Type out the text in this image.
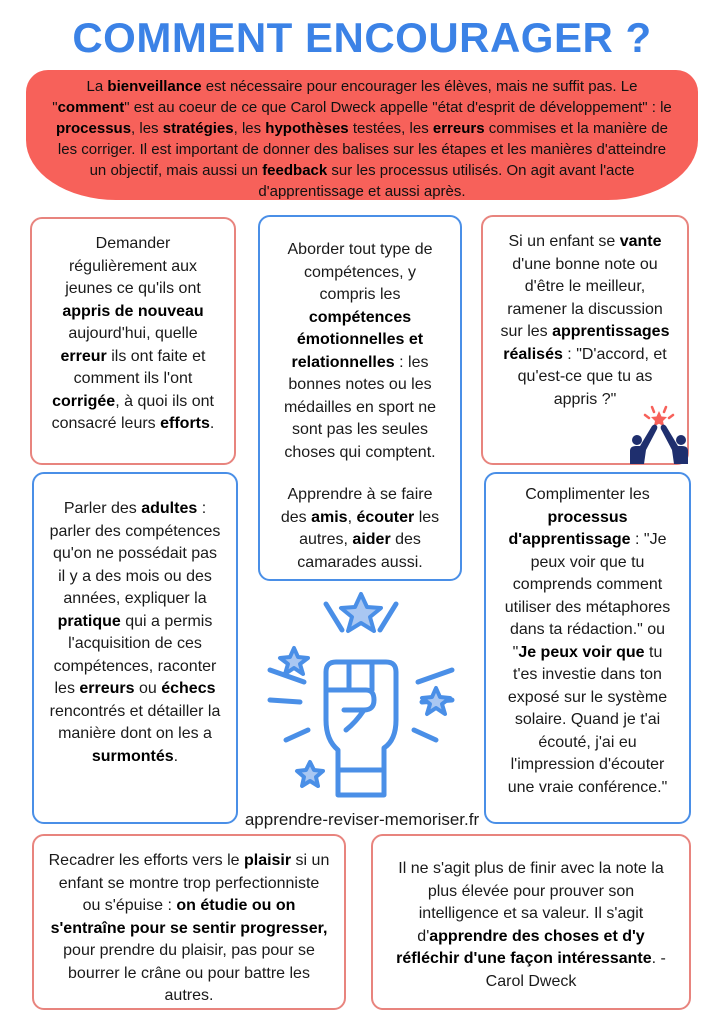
COMMENT ENCOURAGER ?
La bienveillance est nécessaire pour encourager les élèves, mais ne suffit pas. Le "comment" est au coeur de ce que Carol Dweck appelle "état d'esprit de développement" : le processus, les stratégies, les hypothèses testées, les erreurs commises et la manière de les corriger. Il est important de donner des balises sur les étapes et les manières d'atteindre un objectif, mais aussi un feedback sur les processus utilisés. On agit avant l'acte d'apprentissage et aussi après.
Demander régulièrement aux jeunes ce qu'ils ont appris de nouveau aujourd'hui, quelle erreur ils ont faite et comment ils l'ont corrigée, à quoi ils ont consacré leurs efforts.

Aborder tout type de compétences, y compris les compétences émotionnelles et relationnelles : les bonnes notes ou les médailles en sport ne sont pas les seules choses qui comptent.

Apprendre à se faire des amis, écouter les autres, aider des camarades aussi.

Si un enfant se vante d'une bonne note ou d'être le meilleur, ramener la discussion sur les apprentissages réalisés : "D'accord, et qu'est-ce que tu as appris ?"
Parler des adultes : parler des compétences qu'on ne possédait pas il y a des mois ou des années, expliquer la pratique qui a permis l'acquisition de ces compétences, raconter les erreurs ou échecs rencontrés et détailler la manière dont on les a surmontés.
Complimenter les processus d'apprentissage : "Je peux voir que tu comprends comment utiliser des métaphores dans ta rédaction." ou "Je peux voir que tu t'es investie dans ton exposé sur le système solaire. Quand je t'ai écouté, j'ai eu l'impression d'écouter une vraie conférence."
apprendre-reviser-memoriser.fr
Recadrer les efforts vers le plaisir si un enfant se montre trop perfectionniste ou s'épuise : on étudie ou on s'entraîne pour se sentir progresser, pour prendre du plaisir, pas pour se bourrer le crâne ou pour battre les autres.
Il ne s'agit plus de finir avec la note la plus élevée pour prouver son intelligence et sa valeur. Il s'agit d'apprendre des choses et d'y réfléchir d'une façon intéressante. - Carol Dweck
